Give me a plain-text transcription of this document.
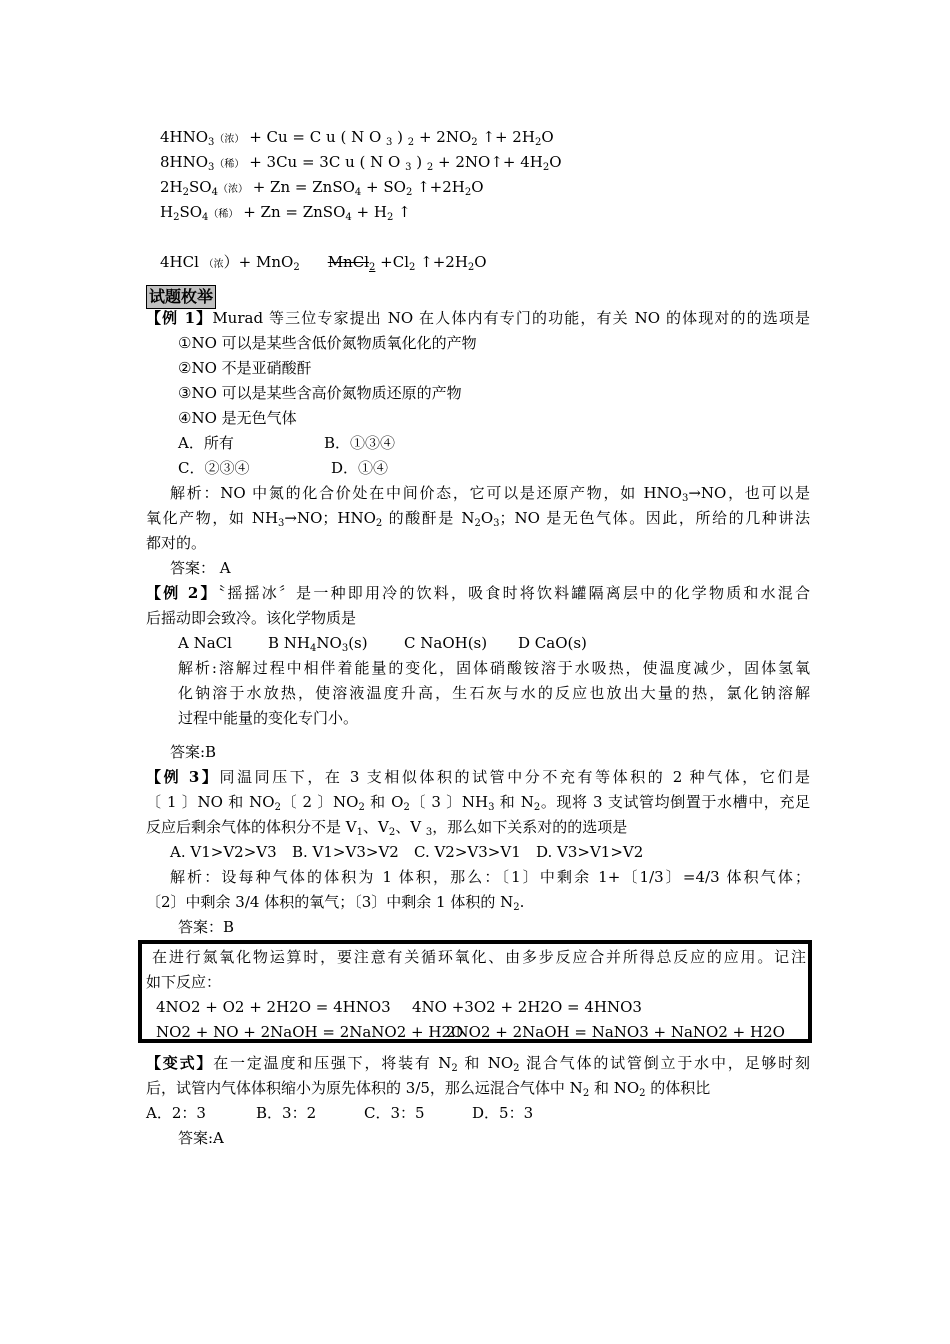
$4HNO_3$（浓） + Cu = C u ( N O $_3$ ) $_2 + 2NO_2$ ↑+ $2H_2O$
$8HNO_3$（稀） + 3Cu = 3C u ( N O $_3$ ) $_2$ + 2NO↑+ $4H_2O$
$2H_2SO_4$（浓） + Zn = ZnSO$_4$ + $SO_2$ $↑+2H_2O$
$H_2SO_4$（稀） + Zn = ZnSO$_4$ + $H_2$ ↑
4HCl （浓）+ MnO$_2$ MnCl$_2$ $+Cl_2$ $↑+2H_2O$
试题枚举
【例 1】Murad 等三位专家提出 NO 在人体内有专门的功能，有关 NO 的体现对的的选项是
①NO 可以是某些含低价氮物质氧化化的产物
②NO 不是亚硝酸酐
③NO 可以是某些含高价氮物质还原的产物
④NO 是无色气体
A．所有	B．①③④
C．②③④	D．①④
解析：NO 中氮的化合价处在中间价态，它可以是还原产物，如 $HNO_3\to NO$，也可以是
氧化产物，如 $NH_3\to NO$；$HNO_2$ 的酸酐是 $N_2O_3$；NO 是无色气体。因此，所给的几种讲法
都对的。
答案： A
【例 2】〝摇摇冰〞是一种即用冷的饮料，吸食时将饮料罐隔离层中的化学物质和水混合
后摇动即会致冷。该化学物质是
A NaCl B $NH_4NO_3(s)$ C NaOH(s) D CaO(s)
解析:溶解过程中相伴着能量的变化，固体硝酸铵溶于水吸热，使温度减少，固体氢氧
化钠溶于水放热，使溶液温度升高，生石灰与水的反应也放出大量的热，氯化钠溶解
过程中能量的变化专门小。
答案:B
【例 3】同温同压下，在 3 支相似体积的试管中分不充有等体积的 2 种气体，它们是
〔 1 〕NO 和 $NO_2$〔 2 〕$NO_2$ 和 $O_2$〔 3 〕$NH_3$ 和 $N_2$。现将 3 支试管均倒置于水槽中，充足
反应后剩余气体的体积分不是 $V_1$、$V_2$、V $_3$，那么如下关系对的的选项是
A. V1>V2>V3 B. V1>V3>V2 C. V2>V3>V1 D. V3>V1>V2
解析：设每种气体的体积为 1 体积，那么：〔1〕中剩余 1+〔1/3〕=4/3 体积气体；
〔2〕中剩余 3/4 体积的氧气；〔3〕中剩余 1 体积的 $N_2$.
答案：B
在进行氮氧化物运算时，要注意有关循环氧化、由多步反应合并所得总反应的应用。记注
如下反应：
4NO2 + O2 + 2H2O = 4HNO3 4NO +3O2 + 2H2O = 4HNO3
NO2 + NO + 2NaOH = 2NaNO2 + H2O
2NO2 + 2NaOH = NaNO3 + NaNO2 + H2O
【变式】在一定温度和压强下，将装有 $N_2$ 和 $NO_2$ 混合气体的试管倒立于水中，足够时刻
后，试管内气体体积缩小为原先体积的 3/5，那么远混合气体中 $N_2$ 和 $NO_2$ 的体积比
A．2：3	B．3：2	C．3：5	D．5：3
答案:A
